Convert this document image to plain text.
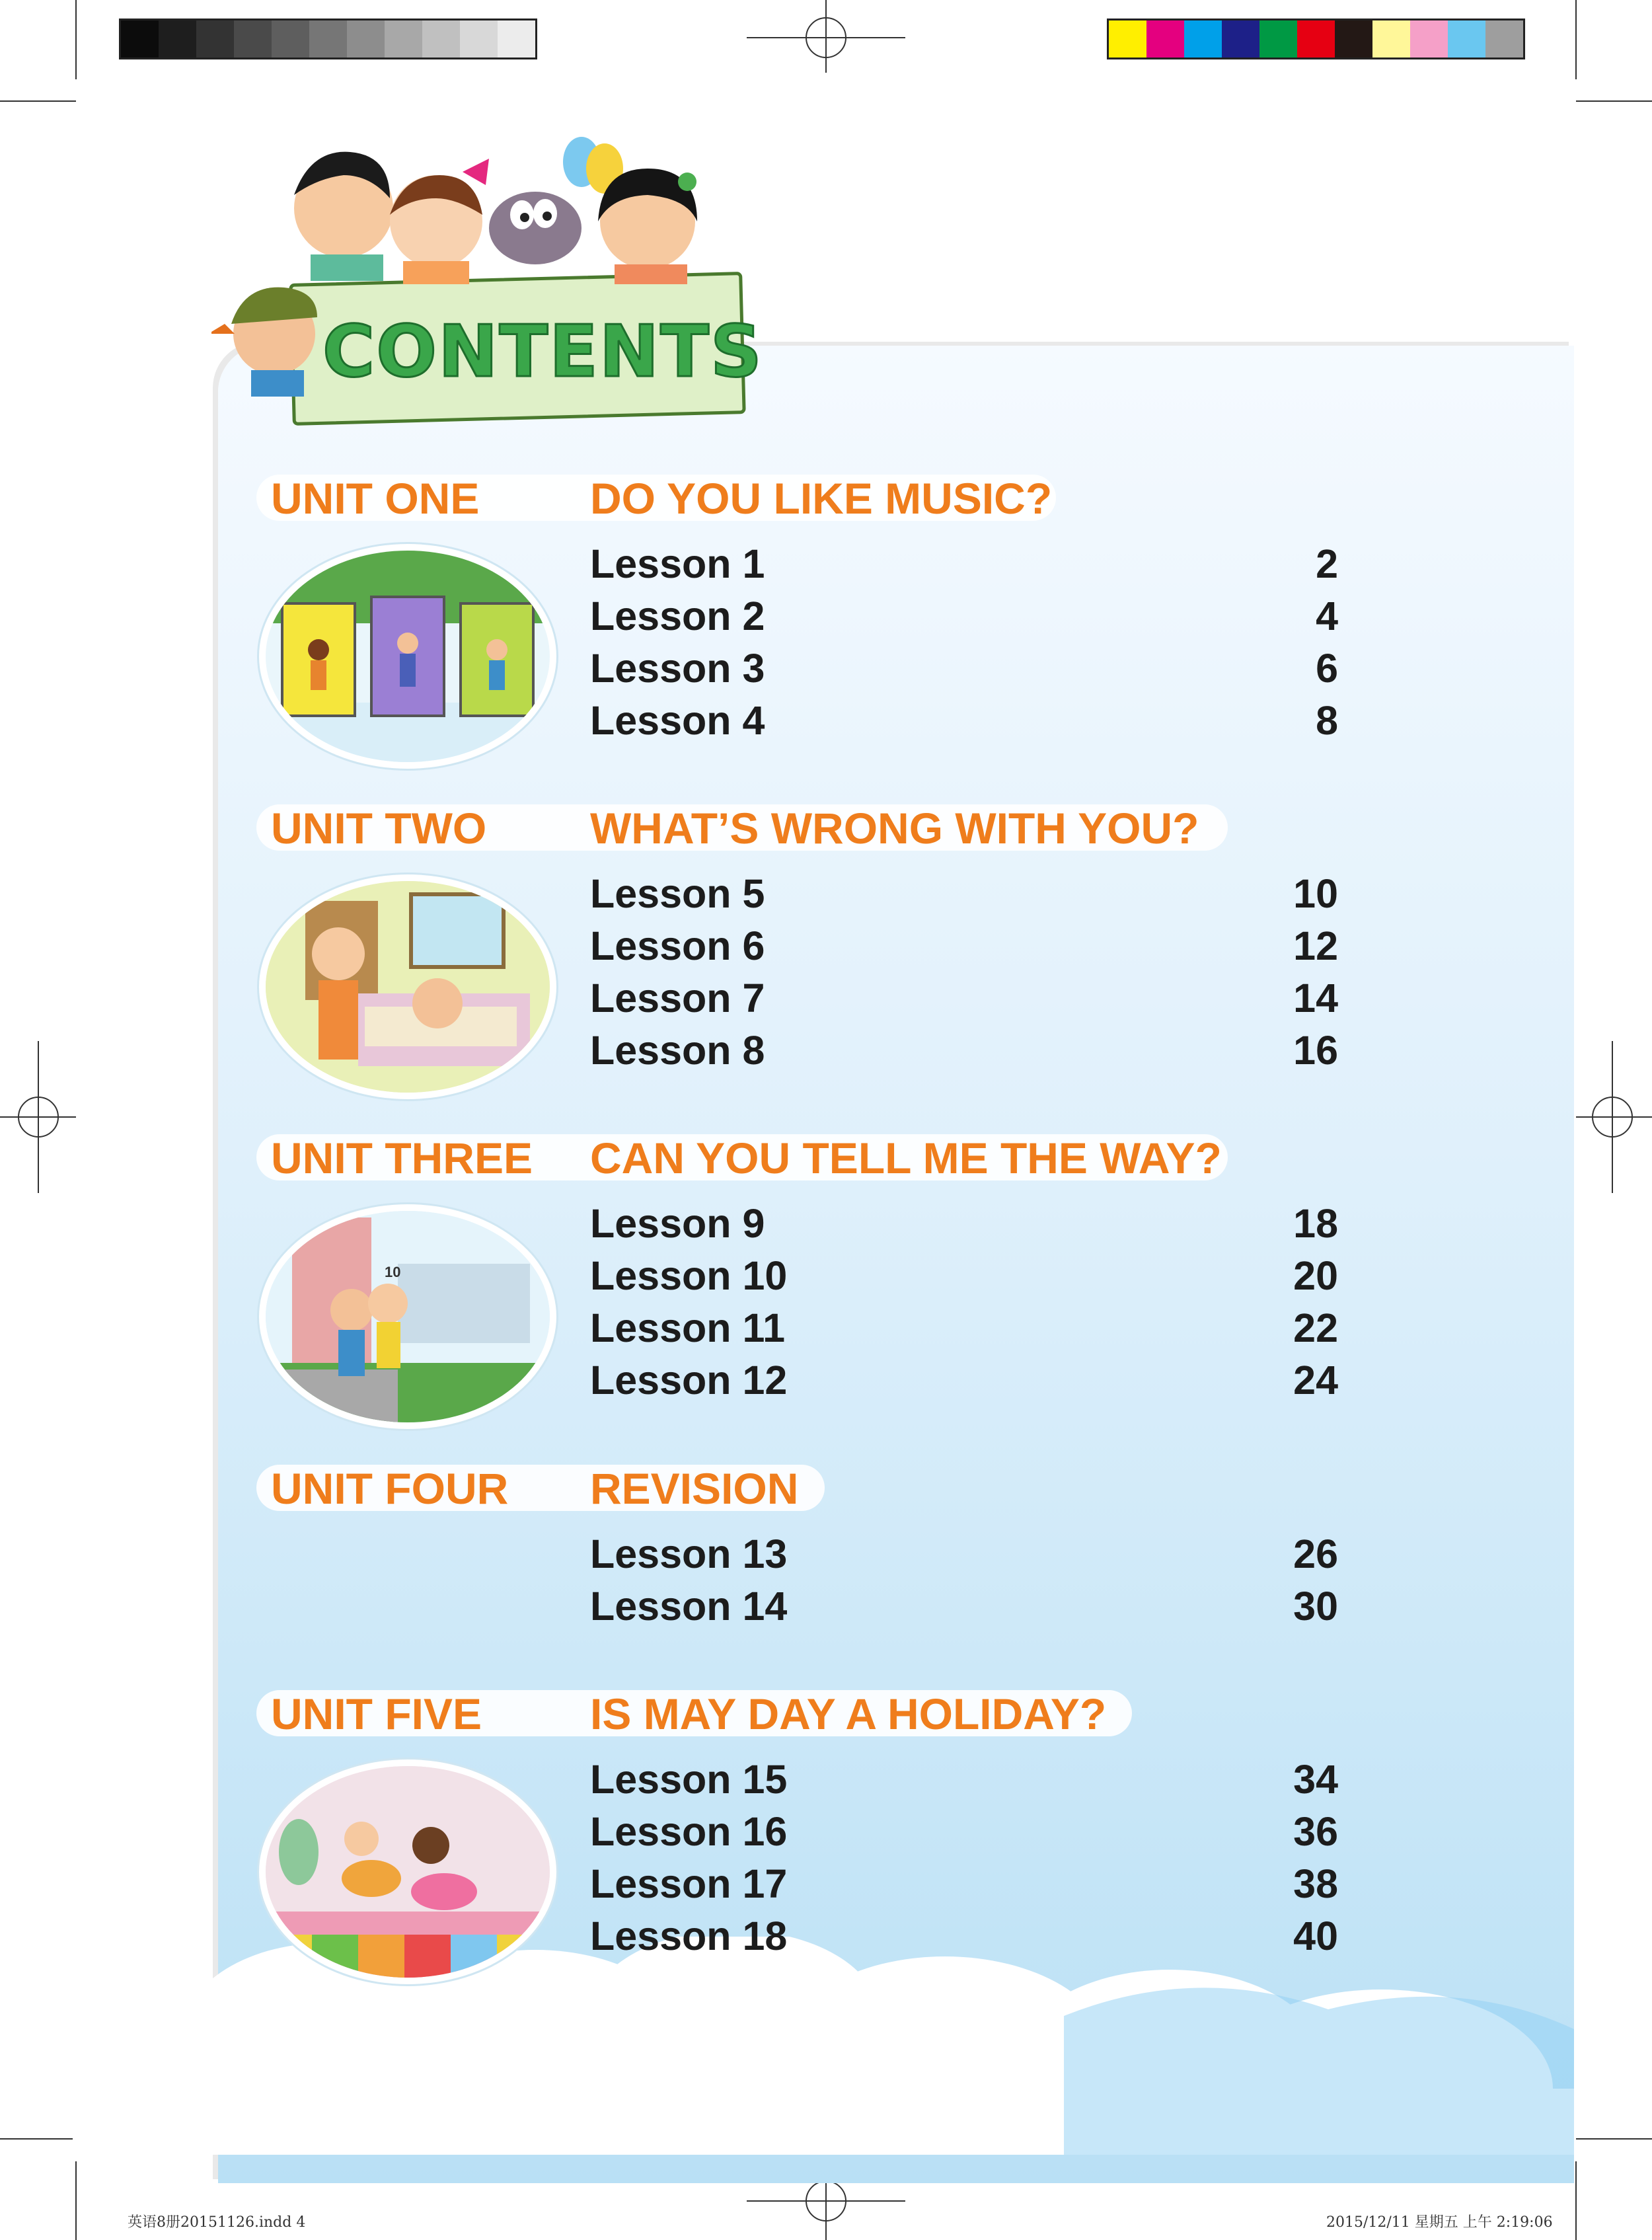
CONTENTS
UNIT ONE	DO YOU LIKE MUSIC?
Lesson 1	2
Lesson 2	4
Lesson 3	6
Lesson 4	8
UNIT TWO WHAT’S WRONG WITH YOU?
Lesson 5	10
Lesson 6	12
Lesson 7	14
Lesson 8	16
UNIT THREE CAN YOU TELL ME THE WAY?
10
Lesson 9	18
Lesson 10	20
Lesson 11	22
Lesson 12	24
UNIT FOUR REVISION
Lesson 13	26
Lesson 14	30
UNIT FIVE IS MAY DAY A HOLIDAY?
Lesson 15	34
Lesson 16	36
Lesson 17	38
Lesson 18	40
英语8册20151126.indd 4	2015/12/11 星期五 上午 2:19:06
